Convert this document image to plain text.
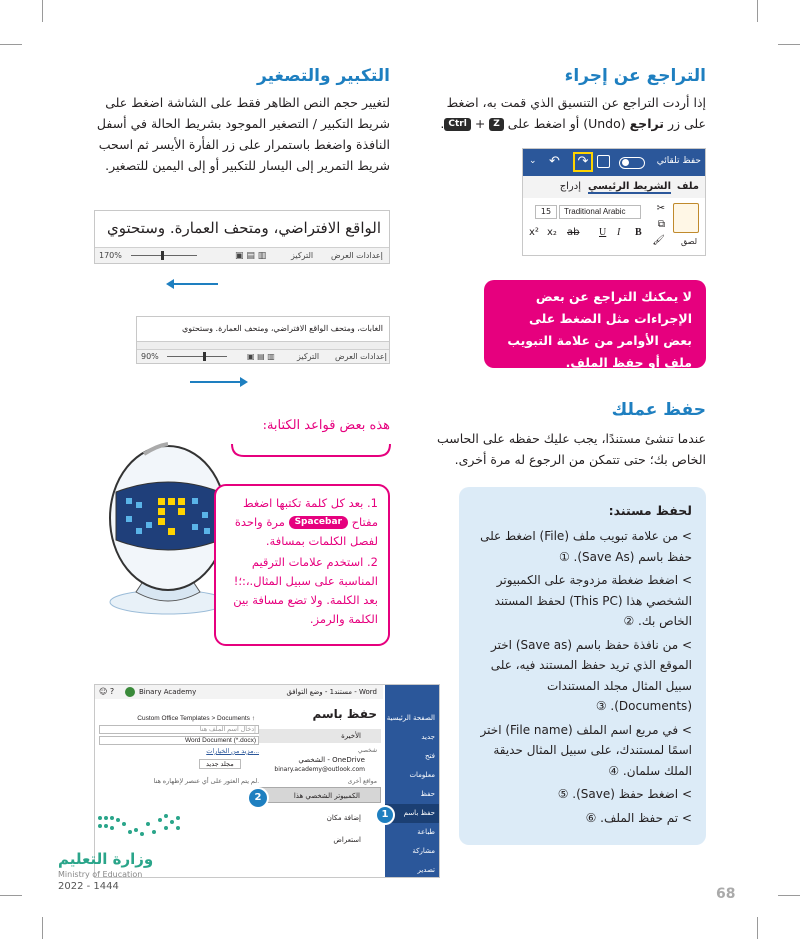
التراجع عن إجراء
إذا أردت التراجع عن التنسيق الذي قمت به، اضغط على زر تراجع (Undo) أو اضغط على Z + Ctrl.
حفظ تلقائي
↷
↶
⌄
ملف
الشريط الرئيسي
إدراج
لصق
✂
⧉
🖌
Traditional Arabic
15
B
I
U
ab
x₂
x²
لا يمكنك التراجع عن بعض الإجراءات مثل الضغط على بعض الأوامر من علامة التبويب ملف أو حفظ الملف.
حفظ عملك
عندما تنشئ مستندًا، يجب عليك حفظه على الحاسب الخاص بك؛ حتى تتمكن من الرجوع له مرة أخرى.
لحفظ مستند:
> من علامة تبويب ملف (File) اضغط على حفظ باسم (Save As). ①
> اضغط ضغطة مزدوجة على الكمبيوتر الشخصي هذا (This PC) لحفظ المستند الخاص بك. ②
> من نافذة حفظ باسم (Save as) اختر الموقع الذي تريد حفظ المستند فيه، على سبيل المثال مجلد المستندات (Documents). ③
> في مربع اسم الملف (File name) اختر اسمًا لمستندك، على سبيل المثال حديقة الملك سلمان. ④
> اضغط حفظ (Save). ⑤
> تم حفظ الملف. ⑥
التكبير والتصغير
لتغيير حجم النص الظاهر فقط على الشاشة اضغط على شريط التكبير / التصغير الموجود بشريط الحالة في أسفل النافذة واضغط باستمرار على زر الفأرة الأيسر ثم اسحب شريط التمرير إلى اليسار للتكبير أو إلى اليمين للتصغير.
الواقع الافتراضي، ومتحف العمارة. وستحتوي
170%	▣ ▤ ▥	التركيز إعدادات العرض
الغابات، ومتحف الواقع الافتراضي، ومتحف العمارة. وستحتوي
90%	▣ ▤ ▥	التركيز إعدادات العرض
هذه بعض قواعد الكتابة:
1. بعد كل كلمة تكتبها اضغط مفتاح Spacebar مرة واحدة لفصل الكلمات بمسافة.
2. استخدم علامات الترقيم المناسبة على سبيل المثال.،:؛! بعد الكلمة. ولا تضع مسافة بين الكلمة والرمز.
مستند1 - وضع التوافق - Word
Binary Academy
☺ ?
Custom Office Templates > Documents ↑
إدخال اسم الملف هنا
Word Document (*.docx)
مزيد من الخيارات...
مجلد جديد
لم يتم العثور على أي عنصر لإظهاره هنا.
حفظ باسم
الأخيرة
شخصي
OneDrive - الشخصي
binary.academy@outlook.com
مواقع أخرى
الكمبيوتر الشخصي هذا
إضافة مكان
استعراض
الصفحة الرئيسية
جديد
فتح
معلومات
حفظ
حفظ باسم
طباعة
مشاركة
تصدير
1
2
وزارة التعليم
Ministry of Education
2022 - 1444	68
